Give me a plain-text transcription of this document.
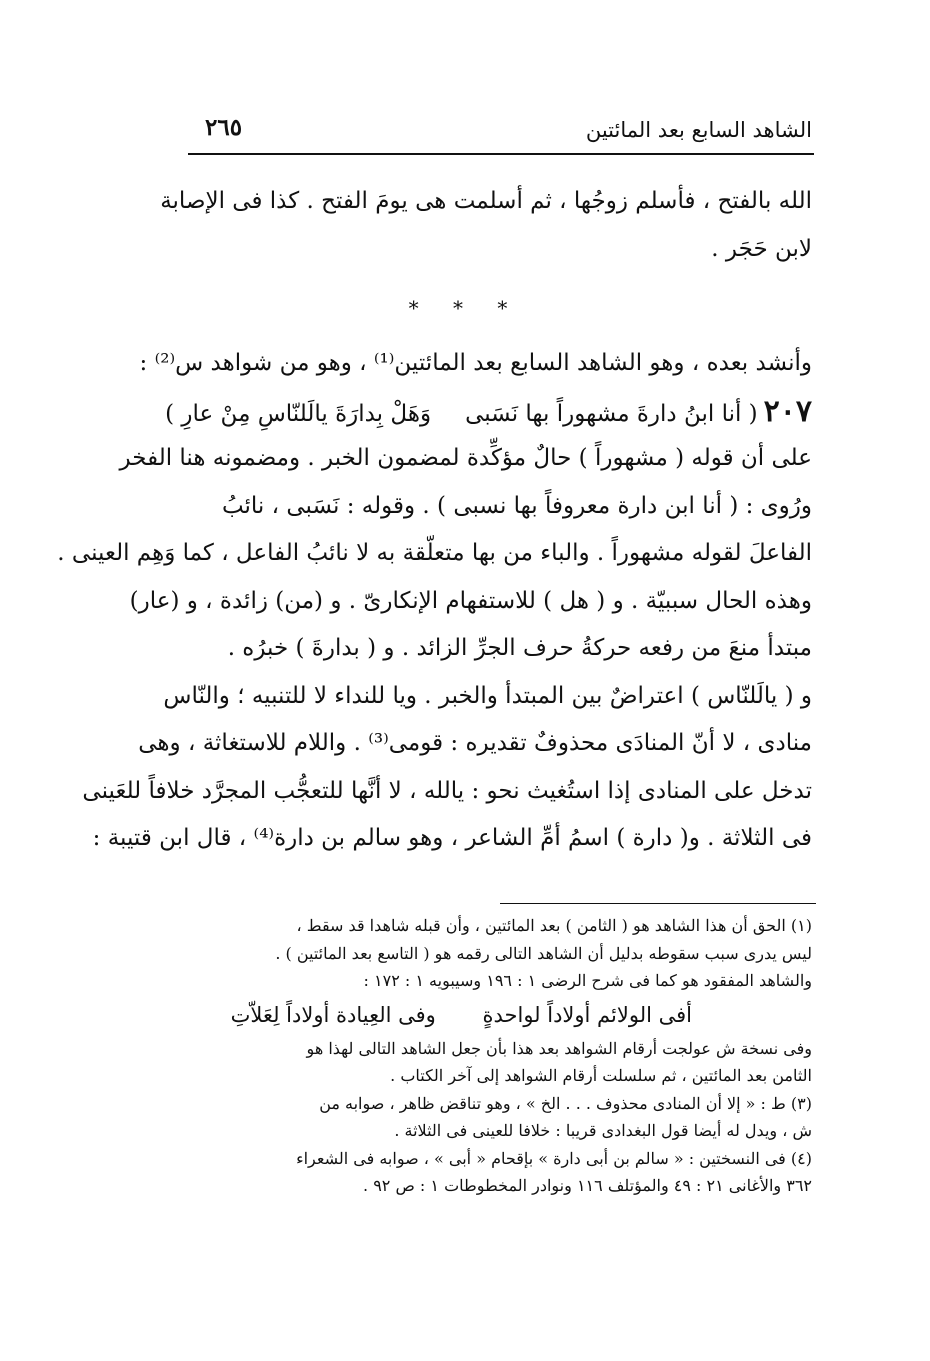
الشاهد السابع بعد المائتين
٢٦٥
الله بالفتح ، فأسلم زوجُها ، ثم أسلمت هى يومَ الفتح . كذا فى الإصابة
لابن حَجَر .
* * *
وأنشد بعده ، وهو الشاهد السابع بعد المائتين⁽¹⁾ ، وهو من شواهد س⁽²⁾ :
٢٠٧
( أنا ابنُ دارةَ مشهوراً بها نَسَبى
وَهَلْ بِدارَةَ يالَلنّاسِ مِنْ عارِ )
على أن قوله ( مشهوراً ) حالٌ مؤكِّدة لمضمون الخبر . ومضمونه هنا الفخر
ورُوى : ( أنا ابن دارة معروفاً بها نسبى ) . وقوله : نَسَبى ، نائبُ
الفاعلَ لقوله مشهوراً . والباء من بها متعلّقة به لا نائبُ الفاعل ، كما وَهِم العينى .
وهذه الحال سببيّة . و ( هل ) للاستفهام الإنكارىّ . و (من) زائدة ، و (عار)
مبتدأ منعَ من رفعه حركةُ حرف الجرِّ الزائد . و ( بدارةَ ) خبرُه .
و ( يالَلنّاس ) اعتراضٌ بين المبتدأ والخبر . ويا للنداء لا للتنبيه ؛ والنّاس
منادى ، لا أنّ المنادَى محذوفٌ تقديره : قومى⁽³⁾ . واللام للاستغاثة ، وهى
تدخل على المنادى إذا استُغيث نحو : يالله ، لا أنَّها للتعجُّب المجرَّد خلافاً للعَينى
فى الثلاثة . و( دارة ) اسمُ أمِّ الشاعر ، وهو سالم بن دارة⁽⁴⁾ ، قال ابن قتيبة :
(١) الحق أن هذا الشاهد هو ( الثامن ) بعد المائتين ، وأن قبله شاهدا قد سقط ،
ليس يدرى سبب سقوطه بدليل أن الشاهد التالى رقمه هو ( التاسع بعد المائتين ) .
والشاهد المفقود هو كما فى شرح الرضى ١ : ١٩٦ وسيبويه ١ : ١٧٢ :
أفى الولائم أولاداً لواحدةٍ وفى العِيادة أولاداً لِعَلاّتِ
وفى نسخة ش عولجت أرقام الشواهد بعد هذا بأن جعل الشاهد التالى لهذا هو
الثامن بعد المائتين ، ثم سلسلت أرقام الشواهد إلى آخر الكتاب .
(٣) ط : « إلا أن المنادى محذوف . . . الخ » ، وهو تناقض ظاهر ، صوابه من
ش ، ويدل له أيضا قول البغدادى قريبا : خلافا للعينى فى الثلاثة .
(٤) فى النسختين : « سالم بن أبى دارة » بإقحام « أبى » ، صوابه فى الشعراء
٣٦٢ والأغانى ٢١ : ٤٩ والمؤتلف ١١٦ ونوادر المخطوطات ١ : ص ٩٢ .
